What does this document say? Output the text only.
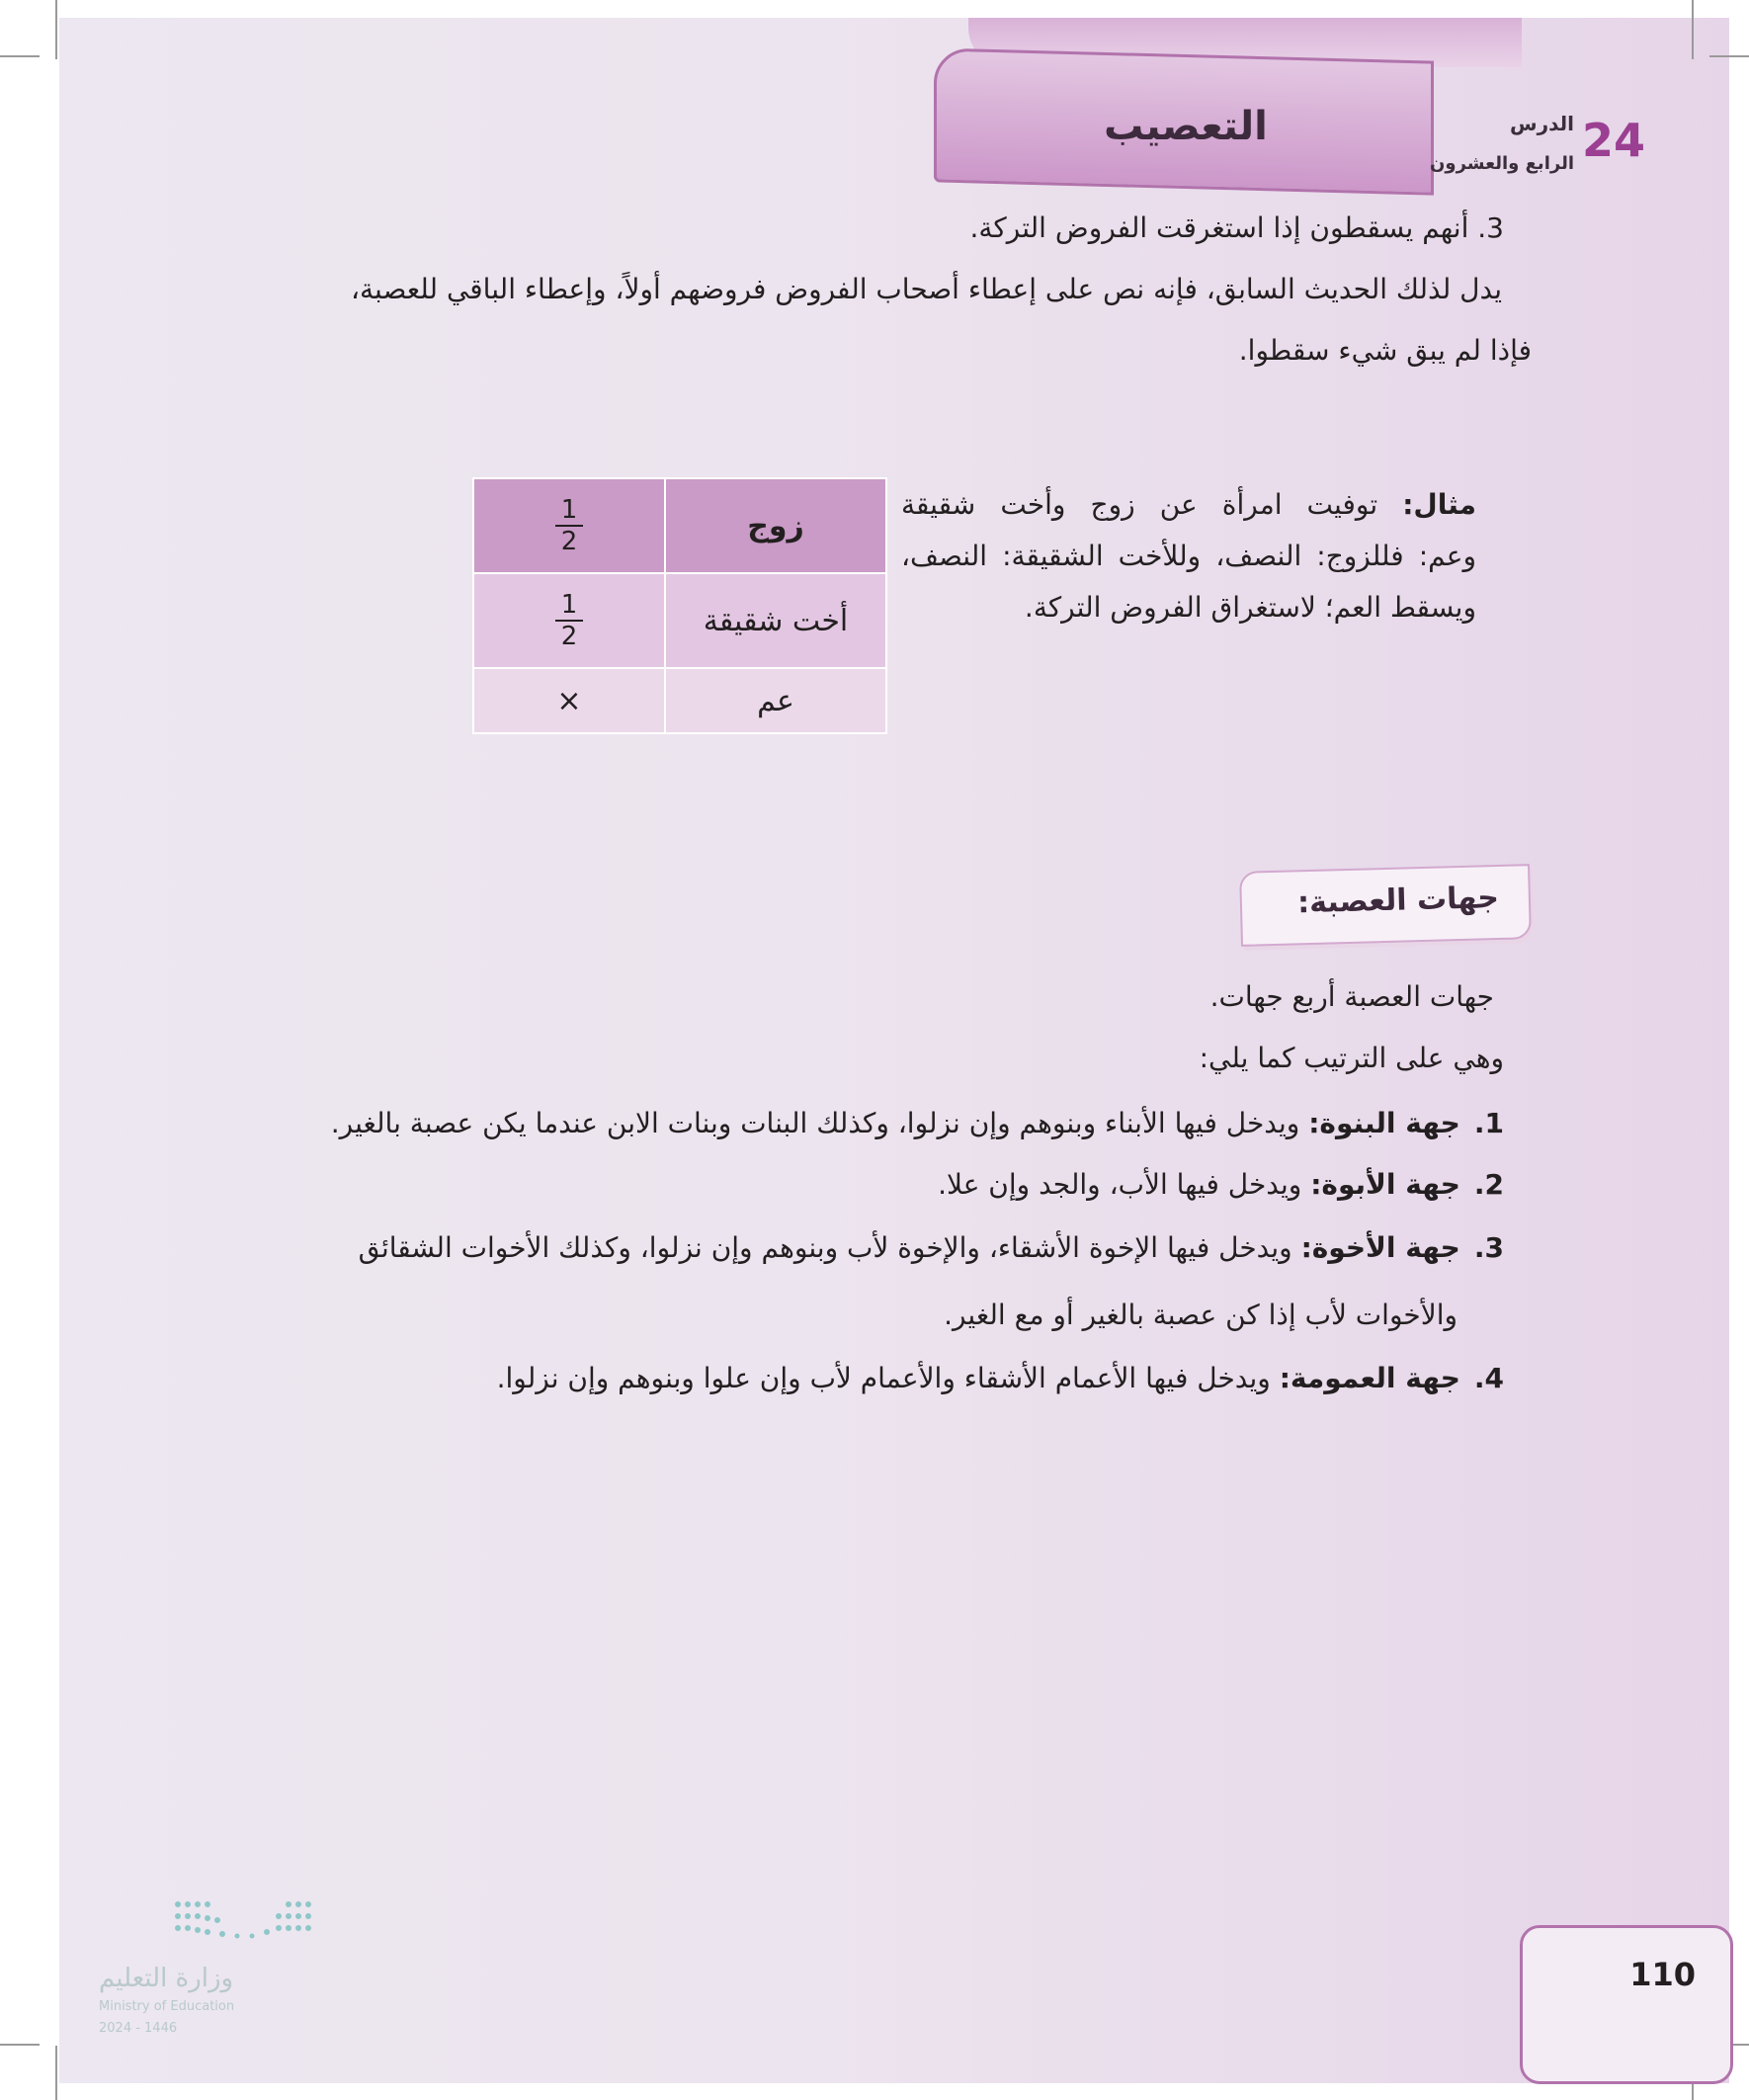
التعصيب	24
الدرس
الرابع والعشرون
3. أنهم يسقطون إذا استغرقت الفروض التركة.
يدل لذلك الحديث السابق، فإنه نص على إعطاء أصحاب الفروض فروضهم أولاً، وإعطاء الباقي للعصبة،
فإذا لم يبق شيء سقطوا.
مثال: توفيت امرأة عن زوج وأخت شقيقة
وعم: فللزوج: النصف، وللأخت الشقيقة: النصف،
ويسقط العم؛ لاستغراق الفروض التركة.
زوج	$\frac{1}{2}$

أخت شقيقة	$\frac{1}{2}$

عم	×
جهات العصبة:
جهات العصبة أربع جهات.
وهي على الترتيب كما يلي:
1.جهة البنوة: ويدخل فيها الأبناء وبنوهم وإن نزلوا، وكذلك البنات وبنات الابن عندما يكن عصبة بالغير.
2.جهة الأبوة: ويدخل فيها الأب، والجد وإن علا.
3.جهة الأخوة: ويدخل فيها الإخوة الأشقاء، والإخوة لأب وبنوهم وإن نزلوا، وكذلك الأخوات الشقائق
والأخوات لأب إذا كن عصبة بالغير أو مع الغير.
4.جهة العمومة: ويدخل فيها الأعمام الأشقاء والأعمام لأب وإن علوا وبنوهم وإن نزلوا.
وزارة التعليم
Ministry of Education
2024 - 1446
110
